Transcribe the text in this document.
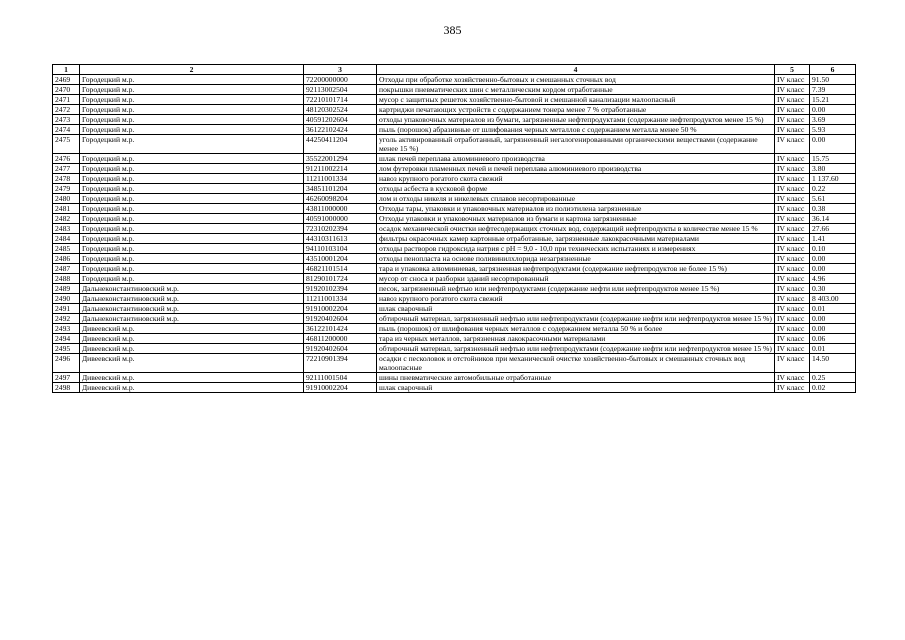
385
1	2	3	4	5	6
2469	Городецкий м.р.	72200000000	Отходы при обработке хозяйственно-бытовых и смешанных сточных вод	IV класс	91.50
2470	Городецкий м.р.	92113002504	покрышки пневматических шин с металлическим кордом отработанные	IV класс	7.39
2471	Городецкий м.р.	72210101714	мусор с защитных решеток хозяйственно-бытовой и смешанной канализации малоопасный	IV класс	15.21
2472	Городецкий м.р.	48120302524	картриджи печатающих устройств с содержанием тонера менее 7 % отработанные	IV класс	0.00
2473	Городецкий м.р.	40591202604	отходы упаковочных материалов из бумаги, загрязненные нефтепродуктами (содержание нефтепродуктов менее 15 %)	IV класс	3.69
2474	Городецкий м.р.	36122102424	пыль (порошок) абразивные от шлифования черных металлов с содержанием металла менее 50 %	IV класс	5.93
2475	Городецкий м.р.	44250411204	уголь активированный отработанный, загрязненный негалогенированными органическими веществами (содержание менее 15 %)	IV класс	0.00
2476	Городецкий м.р.	35522001294	шлак печей переплава алюминиевого производства	IV класс	15.75
2477	Городецкий м.р.	91211002214	лом футеровки пламенных печей и печей переплава алюминиевого производства	IV класс	3.80
2478	Городецкий м.р.	11211001334	навоз крупного рогатого скота свежий	IV класс	1 137.60
2479	Городецкий м.р.	34851101204	отходы асбеста в кусковой форме	IV класс	0.22
2480	Городецкий м.р.	46260098204	лом и отходы никеля и никелевых сплавов несортированные	IV класс	5.61
2481	Городецкий м.р.	43811000000	Отходы тары, упаковки и упаковочных материалов из полиэтилена загрязненные	IV класс	0.38
2482	Городецкий м.р.	40591000000	Отходы упаковки и упаковочных материалов из бумаги и картона загрязненные	IV класс	36.14
2483	Городецкий м.р.	72310202394	осадок механической очистки нефтесодержащих сточных вод, содержащий нефтепродукты в количестве менее 15 %	IV класс	27.66
2484	Городецкий м.р.	44310311613	фильтры окрасочных камер картонные отработанные, загрязненные лакокрасочными материалами	IV класс	1.41
2485	Городецкий м.р.	94110103104	отходы растворов гидроксида натрия с pH = 9,0 - 10,0 при технических испытаниях и измерениях	IV класс	0.10
2486	Городецкий м.р.	43510001204	отходы пенопласта на основе поливинилхлорида незагрязненные	IV класс	0.00
2487	Городецкий м.р.	46821101514	тара и упаковка алюминиевая, загрязненная нефтепродуктами (содержание нефтепродуктов не более 15 %)	IV класс	0.00
2488	Городецкий м.р.	81290101724	мусор от сноса и разборки зданий несортированный	IV класс	4.96
2489	Дальнеконстантиновский м.р.	91920102394	песок, загрязненный нефтью или нефтепродуктами (содержание нефти или нефтепродуктов менее 15 %)	IV класс	0.30
2490	Дальнеконстантиновский м.р.	11211001334	навоз крупного рогатого скота свежий	IV класс	8 403.00
2491	Дальнеконстантиновский м.р.	91910002204	шлак сварочный	IV класс	0.01
2492	Дальнеконстантиновский м.р.	91920402604	обтирочный материал, загрязненный нефтью или нефтепродуктами (содержание нефти или нефтепродуктов менее 15 %)	IV класс	0.00
2493	Дивеевский м.р.	36122101424	пыль (порошок) от шлифования черных металлов с содержанием металла 50 % и более	IV класс	0.00
2494	Дивеевский м.р.	46811200000	тара из черных металлов, загрязненная лакокрасочными материалами	IV класс	0.06
2495	Дивеевский м.р.	91920402604	обтирочный материал, загрязненный нефтью или нефтепродуктами (содержание нефти или нефтепродуктов менее 15 %)	IV класс	0.01
2496	Дивеевский м.р.	72210901394	осадки с песколовок и отстойников при механической очистке хозяйственно-бытовых и смешанных сточных вод малоопасные	IV класс	14.50
2497	Дивеевский м.р.	92111001504	шины пневматические автомобильные отработанные	IV класс	0.25
2498	Дивеевский м.р.	91910002204	шлак сварочный	IV класс	0.02
